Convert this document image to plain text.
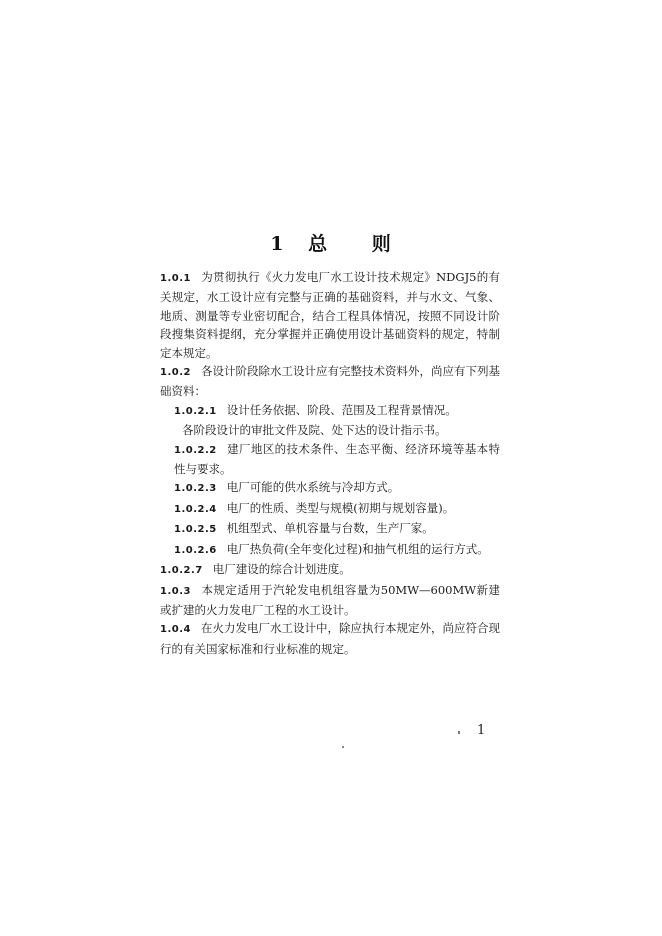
1 总 则

1.0.1 为贯彻执行《火力发电厂水工设计技术规定》NDGJ5的有关规定，水工设计应有完整与正确的基础资料，并与水文、气象、地质、测量等专业密切配合，结合工程具体情况，按照不同设计阶段搜集资料提纲，充分掌握并正确使用设计基础资料的规定，特制定本规定。

1.0.2 各设计阶段除水工设计应有完整技术资料外，尚应有下列基础资料：

1.0.2.1 设计任务依据、阶段、范围及工程背景情况。

各阶段设计的审批文件及院、处下达的设计指示书。

1.0.2.2 建厂地区的技术条件、生态平衡、经济环境等基本特性与要求。

1.0.2.3 电厂可能的供水系统与冷却方式。

1.0.2.4 电厂的性质、类型与规模(初期与规划容量)。

1.0.2.5 机组型式、单机容量与台数，生产厂家。

1.0.2.6 电厂热负荷(全年变化过程)和抽气机组的运行方式。

1.0.2.7 电厂建设的综合计划进度。

1.0.3 本规定适用于汽轮发电机组容量为50MW—600MW新建或扩建的火力发电厂工程的水工设计。

1.0.4 在火力发电厂水工设计中，除应执行本规定外，尚应符合现行的有关国家标准和行业标准的规定。

1
